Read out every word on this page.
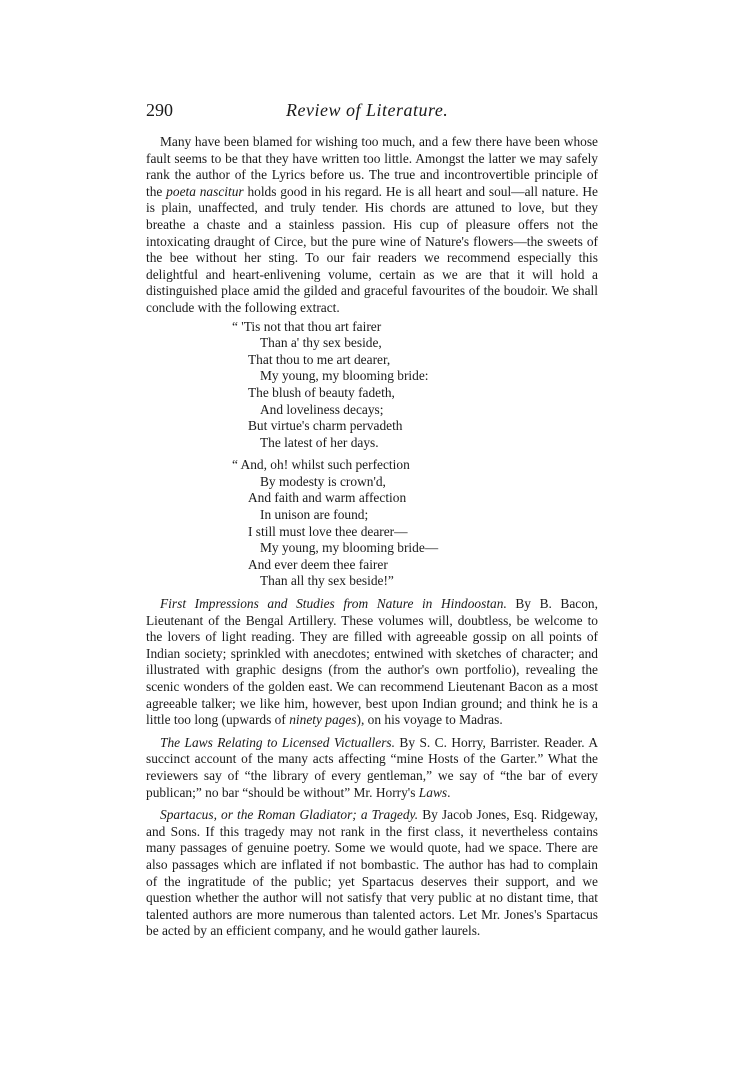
290	Review of Literature.

Many have been blamed for wishing too much, and a few there have been whose fault seems to be that they have written too little. Amongst the latter we may safely rank the author of the Lyrics before us. The true and incontrovertible principle of the poeta nascitur holds good in his regard. He is all heart and soul—all nature. He is plain, unaffected, and truly tender. His chords are attuned to love, but they breathe a chaste and a stainless passion. His cup of pleasure offers not the intoxicating draught of Circe, but the pure wine of Nature's flowers—the sweets of the bee without her sting. To our fair readers we recommend especially this delightful and heart-enlivening volume, certain as we are that it will hold a distinguished place amid the gilded and graceful favourites of the boudoir. We shall conclude with the following extract.

“ 'Tis not that thou art fairer
Than a' thy sex beside,
That thou to me art dearer,
My young, my blooming bride:
The blush of beauty fadeth,
And loveliness decays;
But virtue's charm pervadeth
The latest of her days.
“ And, oh! whilst such perfection
By modesty is crown'd,
And faith and warm affection
In unison are found;
I still must love thee dearer—
My young, my blooming bride—
And ever deem thee fairer
Than all thy sex beside!”

First Impressions and Studies from Nature in Hindoostan. By B. Bacon, Lieutenant of the Bengal Artillery. These volumes will, doubtless, be welcome to the lovers of light reading. They are filled with agreeable gossip on all points of Indian society; sprinkled with anecdotes; entwined with sketches of character; and illustrated with graphic designs (from the author's own portfolio), revealing the scenic wonders of the golden east. We can recommend Lieutenant Bacon as a most agreeable talker; we like him, however, best upon Indian ground; and think he is a little too long (upwards of ninety pages), on his voyage to Madras.

The Laws Relating to Licensed Victuallers. By S. C. Horry, Barrister. Reader. A succinct account of the many acts affecting “mine Hosts of the Garter.” What the reviewers say of “the library of every gentleman,” we say of “the bar of every publican;” no bar “should be without” Mr. Horry's Laws.

Spartacus, or the Roman Gladiator; a Tragedy. By Jacob Jones, Esq. Ridgeway, and Sons. If this tragedy may not rank in the first class, it nevertheless contains many passages of genuine poetry. Some we would quote, had we space. There are also passages which are inflated if not bombastic. The author has had to complain of the ingratitude of the public; yet Spartacus deserves their support, and we question whether the author will not satisfy that very public at no distant time, that talented authors are more numerous than talented actors. Let Mr. Jones's Spartacus be acted by an efficient company, and he would gather laurels.
